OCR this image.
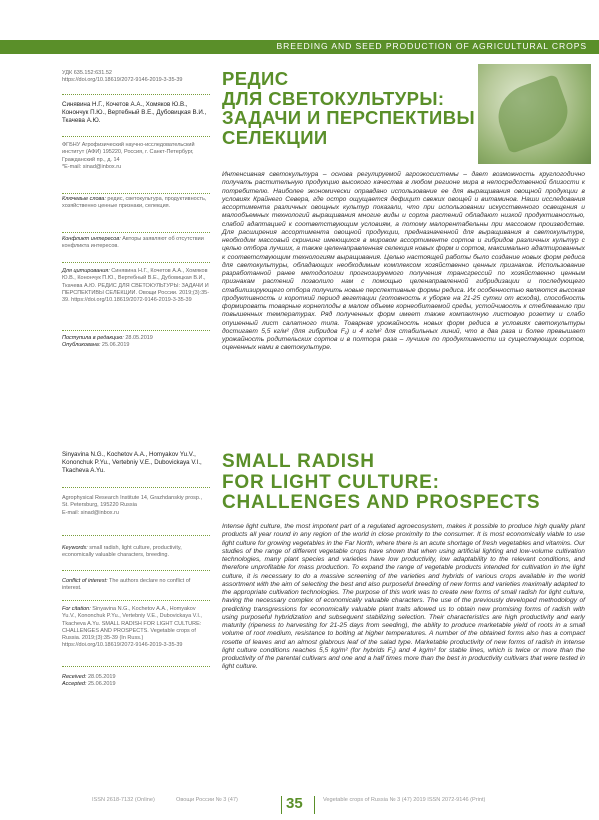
BREEDING AND SEED PRODUCTION OF AGRICULTURAL CROPS
УДК 635.152:631.52
https://doi.org/10.18619/2072-9146-2019-3-35-39
Синявина Н.Г., Кочетов А.А., Хомяков Ю.В., Конончук П.Ю., Вертебный В.Е., Дубовицкая В.И., Ткачева А.Ю.
ФГБНУ Агрофизический научно-исследовательский институт (АФИ) 195220, Россия, г. Санкт-Петербург, Гражданский пр., д. 14
*E-mail: sinad@inbox.ru
Ключевые слова: редис, светокультура, продуктивность, хозяйственно ценные признаки, селекция.
Конфликт интересов: Авторы заявляют об отсутствии конфликта интересов.
Для цитирования: Синявина Н.Г., Кочетов А.А., Хомяков Ю.В., Конончук П.Ю., Вертебный В.Е., Дубовицкая В.И., Ткачева А.Ю. РЕДИС ДЛЯ СВЕТОКУЛЬТУРЫ: ЗАДАЧИ И ПЕРСПЕКТИВЫ СЕЛЕКЦИИ. Овощи России. 2019;(3):35-39. https://doi.org/10.18619/2072-9146-2019-3-35-39
Поступила в редакцию: 28.05.2019
Опубликована: 25.06.2019
РЕДИС
ДЛЯ СВЕТОКУЛЬТУРЫ:
ЗАДАЧИ И ПЕРСПЕКТИВЫ
СЕЛЕКЦИИ
Интенсивная светокультура – основа регулируемой агроэкосистемы – дает возможность круглогодично получать растительную продукцию высокого качества в любом регионе мира в непосредственной близости к потребителю. Наиболее экономически оправдано использование ее для выращивания овощной продукции в условиях Крайнего Севера, где остро ощущается дефицит свежих овощей и витаминов. Наши исследования ассортимента различных овощных культур показали, что при использовании искусственного освещения и малообъемных технологий выращивания многие виды и сорта растений обладают низкой продуктивностью, слабой адаптацией к соответствующим условиям, а потому малорентабельны при массовом производстве. Для расширения ассортимента овощной продукции, предназначенной для выращивания в светокультуре, необходим массовый скрининг имеющихся в мировом ассортименте сортов и гибридов различных культур с целью отбора лучших, а также целенаправленная селекция новых форм и сортов, максимально адаптированных к соответствующим технологиям выращивания. Целью настоящей работы было создание новых форм редиса для светокультуры, обладающих необходимым комплексом хозяйственно ценных признаков. Использование разработанной ранее методологии прогнозируемого получения трансгрессий по хозяйственно ценным признакам растений позволило нам с помощью целенаправленной гибридизации и последующего стабилизирующего отбора получить новые перспективные формы редиса. Их особенностью являются высокая продуктивность и короткий период вегетации (готовность к уборке на 21-25 сутки от всхода), способность формировать товарные корнеплоды в малом объеме корнеобитаемой среды, устойчивость к стеблеванию при повышенных температурах. Ряд полученных форм имеет также компактную листовую розетку и слабо опушенный лист салатного типа. Товарная урожайность новых форм редиса в условиях светокультуры достигает 5,5 кг/м² (для гибридов F₁) и 4 кг/м² для стабильных линий, что в два раза и более превышает урожайность родительских сортов и в полтора раза – лучшие по продуктивности из существующих сортов, оцененных нами в светокультуре.
Sinyavina N.G., Kochetov A.A., Homyakov Yu.V., Kononchuk P.Yu., Vertebniy V.E., Dubovickaya V.I., Tkacheva A.Yu.
Agrophysical Research Institute 14, Grazhdanskiy prosp., St. Petersburg, 195220 Russia
E-mail: sinad@inbox.ru
Keywords: small radish, light culture, productivity, economically valuable characters, breeding.
Conflict of interest: The authors declare no conflict of interest.
For citation: Sinyavina N.G., Kochetov A.A., Homyakov Yu.V., Kononchuk P.Yu., Vertebniy V.E., Dubovickaya V.I., Tkacheva A.Yu. SMALL RADISH FOR LIGHT CULTURE: CHALLENGES AND PROSPECTS. Vegetable crops of Russia. 2019;(3):35-39 (In Russ.) https://doi.org/10.18619/2072-9146-2019-3-35-39
Received: 28.05.2019
Accepted: 25.06.2019
SMALL RADISH
FOR LIGHT CULTURE:
CHALLENGES AND PROSPECTS
Intense light culture, the most impotent part of a regulated agroecosystem, makes it possible to produce high quality plant products all year round in any region of the world in close proximity to the consumer. It is most economically viable to use light culture for growing vegetables in the Far North, where there is an acute shortage of fresh vegetables and vitamins. Our studies of the range of different vegetable crops have shown that when using artificial lighting and low-volume cultivation technologies, many plant species and varieties have low productivity, low adaptability to the relevant conditions, and therefore unprofitable for mass production. To expand the range of vegetable products intended for cultivation in the light culture, it is necessary to do a massive screening of the varieties and hybrids of various crops available in the world assortment with the aim of selecting the best and also purposeful breeding of new forms and varieties maximally adapted to the appropriate cultivation technologies. The purpose of this work was to create new forms of small radish for light culture, having the necessary complex of economically valuable characters. The use of the previously developed methodology of predicting transgressions for economically valuable plant traits allowed us to obtain new promising forms of radish with using purposeful hybridization and subsequent stabilizing selection. Their characteristics are high productivity and early maturity (ripeness to harvesting for 21-25 days from seeding), the ability to produce marketable yield of roots in a small volume of root medium, resistance to bolting at higher temperatures. A number of the obtained forms also has a compact rosette of leaves and an almost glabrous leaf of the salad type. Marketable productivity of new forms of radish in intense light culture conditions reaches 5,5 kg/m² (for hybrids F₁) and 4 kg/m² for stable lines, which is twice or more than the productivity of the parental cultivars and one and a half times more than the best in productivity cultivars that were tested in light culture.
ISSN 2618-7132 (Online)	Овощи России № 3 (47)	35	Vegetable crops of Russia № 3 (47) 2019 ISSN 2072-9146 (Print)
